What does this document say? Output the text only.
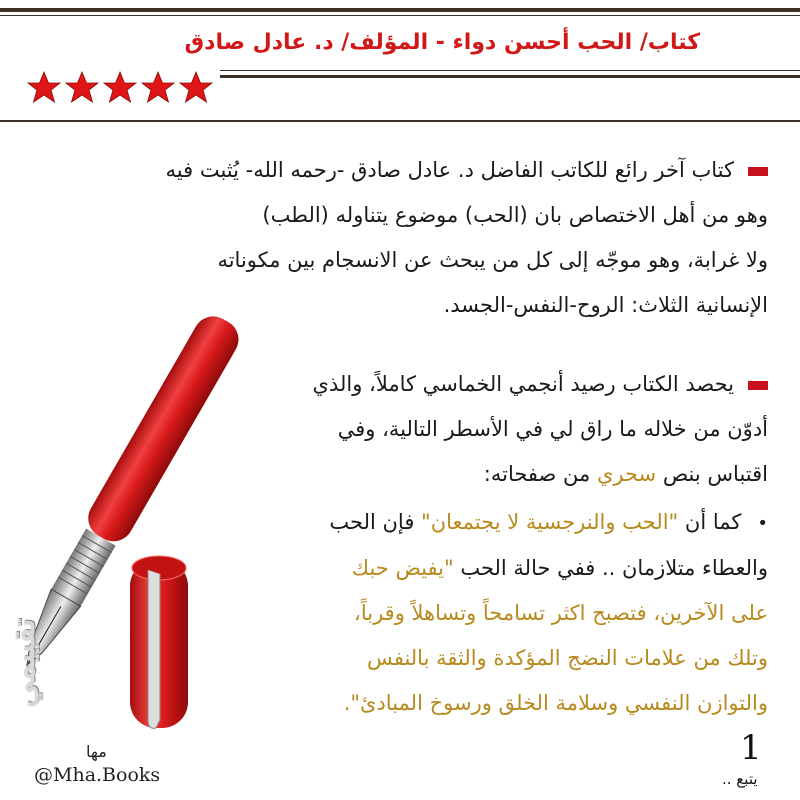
كتاب/ الحب أحسن دواء - المؤلف/ د. عادل صادق
كتاب آخر رائع للكاتب الفاضل د. عادل صادق -رحمه الله- يُثبت فيه
وهو من أهل الاختصاص بان (الحب) موضوع يتناوله (الطب)
ولا غرابة، وهو موجّه إلى كل من يبحث عن الانسجام بين مكوناته
الإنسانية الثلاث: الروح-النفس-الجسد.
يحصد الكتاب رصيد أنجمي الخماسي كاملاً، والذي
أدوّن من خلاله ما راق لي في الأسطر التالية، وفي
اقتباس بنص سحري من صفحاته:
•كما أن "الحب والنرجسية لا يجتمعان" فإن الحب
والعطاء متلازمان .. ففي حالة الحب "يفيض حبك
على الآخرين، فتصبح اكثر تسامحاً وتساهلاً وقرباً،
وتلك من علامات النضج المؤكدة والثقة بالنفس
والتوازن النفسي وسلامة الخلق ورسوخ المبادئ".
تقييمي
مها
@Mha.Books
1
يتبع ..
